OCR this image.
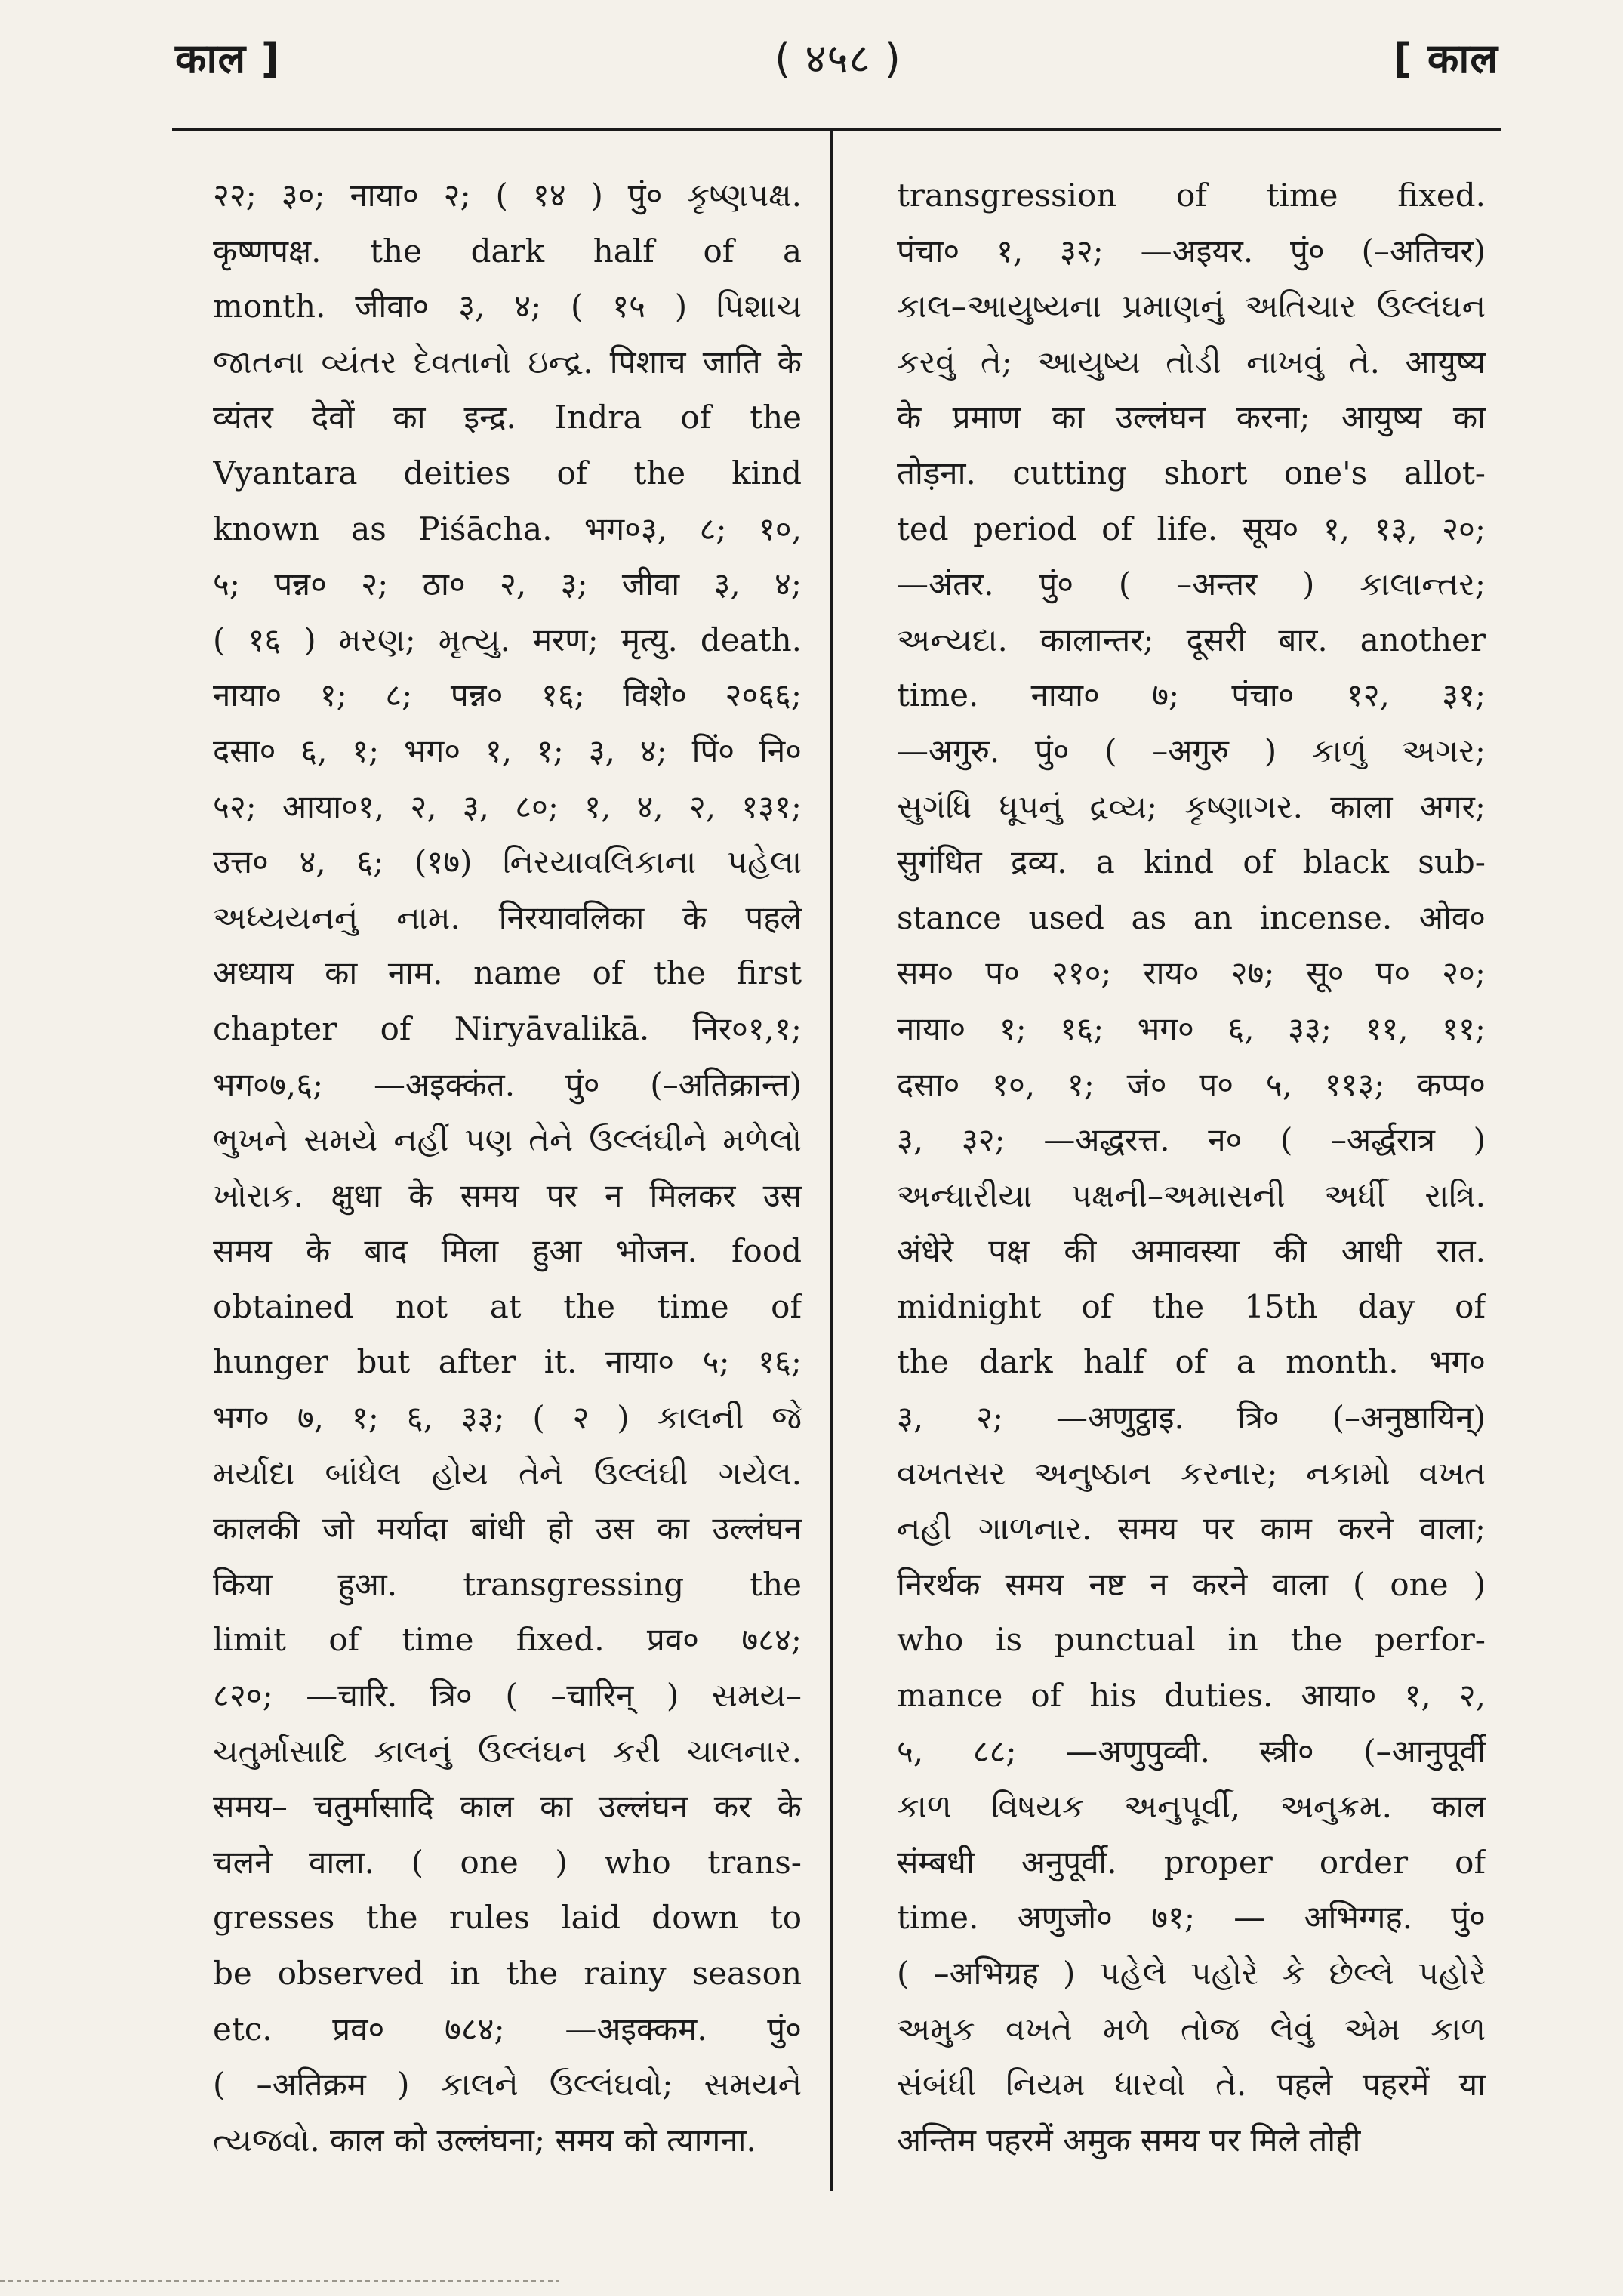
काल ]	( ४५८ )	[ काल
२२; ३०; नाया० २; ( १४ ) पुं० કૃષ્ણપક્ષ.
कृष्णपक्ष. the dark half of a
month. जीवा० ३, ४; ( १५ ) પિશાચ
જાતના વ્યંતર દેવતાનો ઇન્દ્ર. पिशाच जाति के
व्यंतर देवों का इन्द्र. Indra of the
Vyantara deities of the kind
known as Piśācha. भग०३, ८; १०,
५; पन्न० २; ठा० २, ३; जीवा ३, ४;
( १६ ) મરણ; મૃત્યુ. मरण; मृत्यु. death.
नाया० १; ८; पन्न० १६; विशे० २०६६;
दसा० ६, १; भग० १, १; ३, ४; पिं० नि०
५२; आया०१, २, ३, ८०; १, ४, २, १३१;
उत्त० ४, ६; (१७) નિરયાવલિકાના પહેલા
અધ્યયનનું નામ. निरयावलिका के पहले
अध्याय का नाम. name of the first
chapter of Niryāvalikā. निर०१,१;
भग०७,६; —अइक्कंत. पुं० (–अतिक्रान्त)
ભુખને સમયે નહીં પણ તેને ઉલ્લંઘીને મળેલો
ખોરાક. क्षुधा के समय पर न मिलकर उस
समय के बाद मिला हुआ भोजन. food
obtained not at the time of
hunger but after it. नाया० ५; १६;
भग० ७, १; ६, ३३; ( २ ) કાલની જે
મર્યાદા બાંધેલ હોય તેને ઉલ્લંઘી ગયેલ.
कालकी जो मर्यादा बांधी हो उस का उल्लंघन
किया हुआ. transgressing the
limit of time fixed. प्रव० ७८४;
८२०; —चारि. त्रि० ( –चारिन् ) સમય–
ચતુર્માસાદિ કાલનું ઉલ્લંઘન કરી ચાલનાર.
समय– चतुर्मासादि काल का उल्लंघन कर के
चलने वाला. ( one ) who trans-
gresses the rules laid down to
be observed in the rainy season
etc. प्रव० ७८४; —अइक्कम. पुं०
( –अतिक्रम ) કાલને ઉલ્લંઘવો; સમયને
ત્યજવો. काल को उल्लंघना; समय को त्यागना.
transgression of time fixed.
पंचा० १, ३२; —अइयर. पुं० (–अतिचर)
કાલ–આયુષ્યના પ્રમાણનું અતિચાર ઉલ્લંઘન
કરવું તે; આયુષ્ય તોડી નાખવું તે. आयुष्य
के प्रमाण का उल्लंघन करना; आयुष्य का
तोड़ना. cutting short one's allot-
ted period of life. सूय० १, १३, २०;
—अंतर. पुं० ( –अन्तर ) કાલાન્તર;
અન્યદા. कालान्तर; दूसरी बार. another
time. नाया० ७; पंचा० १२, ३१;
—अगुरु. पुं० ( –अगुरु ) કાળું અગર;
સુગંધિ ધૂપનું દ્રવ્ય; કૃષ્ણાગર. काला अगर;
सुगंधित द्रव्य. a kind of black sub-
stance used as an incense. ओव०
सम० प० २१०; राय० २७; सू० प० २०;
नाया० १; १६; भग० ६, ३३; ११, ११;
दसा० १०, १; जं० प० ५, ११३; कप्प०
३, ३२; —अद्धरत्त. न० ( –अर्द्धरात्र )
અન્ધારીયા પક્ષની–અમાસની અર્ધી રાત્રિ.
अंधेरे पक्ष की अमावस्या की आधी रात.
midnight of the 15th day of
the dark half of a month. भग०
३, २; —अणुट्ठाइ. त्रि० (–अनुष्ठायिन्)
વખતસર અનુષ્ઠાન કરનાર; નકામો વખત
નહી ગાળનાર. समय पर काम करने वाला;
निरर्थक समय नष्ट न करने वाला ( one )
who is punctual in the perfor-
mance of his duties. आया० १, २,
५, ८८; —अणुपुव्वी. स्त्री० (–आनुपूर्वी
કાળ વિષયક અનુપૂર્વી, અનુક્રમ. काल
संम्बधी अनुपूर्वी. proper order of
time. अणुजो० ७१; — अभिग्गह. पुं०
( –अभिग्रह ) પહેલે પહોરે કે છેલ્લે પહોરે
અમુક વખતે મળે તોજ લેવું એમ કાળ
સંબંધી નિયમ ધારવો તે. पहले पहरमें या
अन्तिम पहरमें अमुक समय पर मिले तोही
